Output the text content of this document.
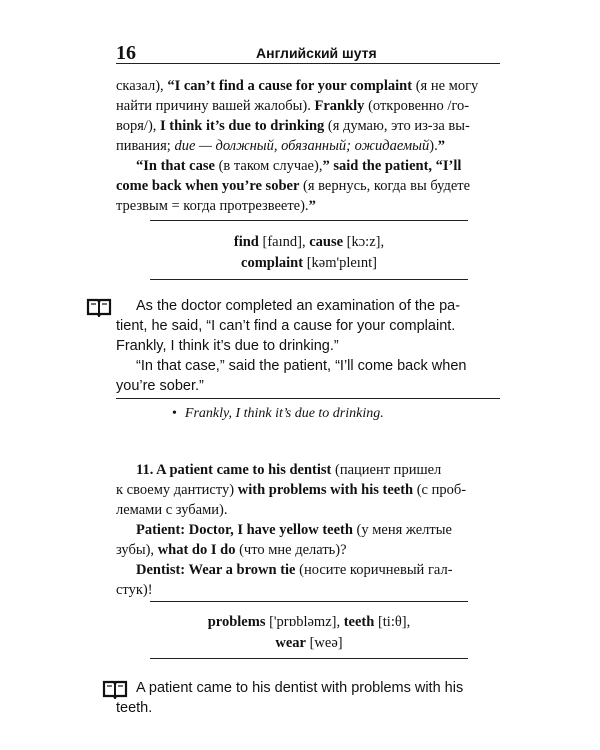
16	Английский шутя

сказал), “I can’t find a cause for your complaint (я не могу

найти причину вашей жалобы). Frankly (откровенно /го-

воря/), I think it’s due to drinking (я думаю, это из-за вы-

пивания; due — должный, обязанный; ожидаемый).”

“In that case (в таком случае),” said the patient, “I’ll

come back when you’re sober (я вернусь, когда вы будете

трезвым = когда протрезвеете).”

find [faınd], cause [kɔ:z],
complaint [kəm'pleınt]

As the doctor completed an examination of the pa-

tient, he said, “I can’t find a cause for your complaint.

Frankly, I think it’s due to drinking.”

“In that case,” said the patient, “I’ll come back when

you’re sober.”

• Frankly, I think it’s due to drinking.

11. A patient came to his dentist (пациент пришел

к своему дантисту) with problems with his teeth (с проб-

лемами с зубами).

Patient: Doctor, I have yellow teeth (у меня желтые

зубы), what do I do (что мне делать)?

Dentist: Wear a brown tie (носите коричневый гал-

стук)!

problems ['prɒbləmz], teeth [ti:θ],
wear [weə]

A patient came to his dentist with problems with his

teeth.
